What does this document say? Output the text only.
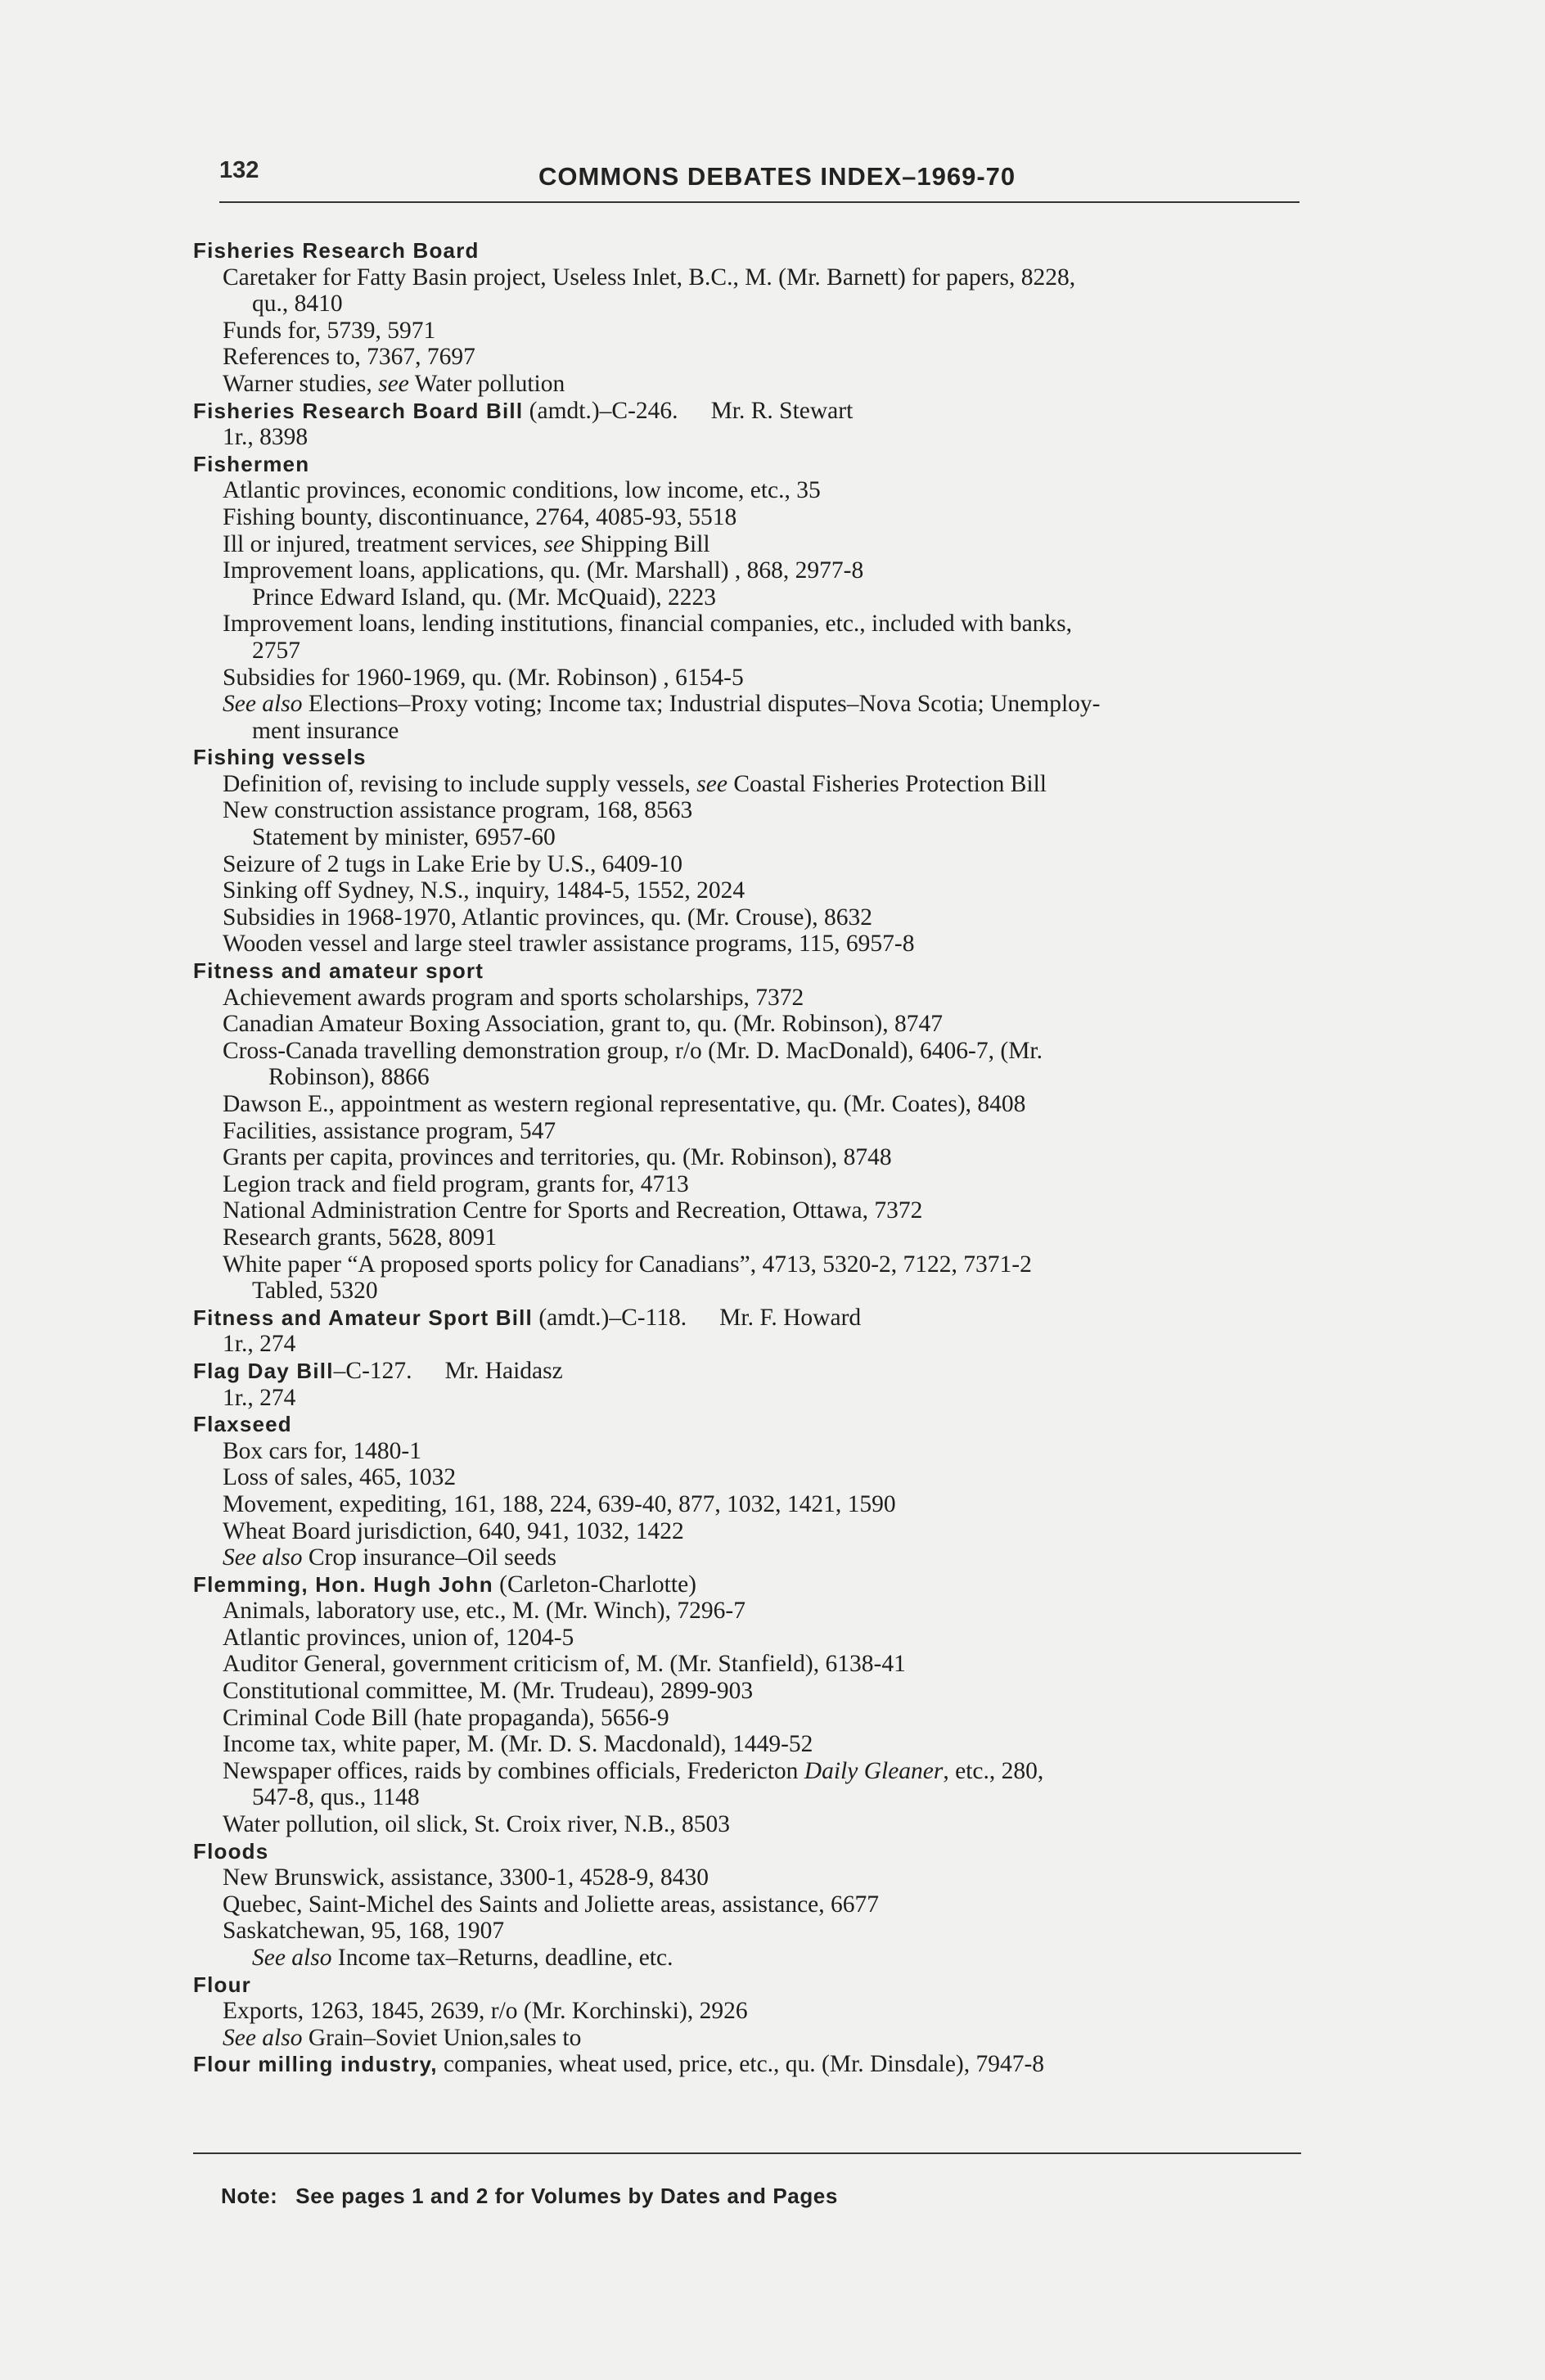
132	COMMONS DEBATES INDEX–1969-70
Fisheries Research Board
Caretaker for Fatty Basin project, Useless Inlet, B.C., M. (Mr. Barnett) for papers, 8228,
qu., 8410
Funds for, 5739, 5971
References to, 7367, 7697
Warner studies, see Water pollution
Fisheries Research Board Bill (amdt.)–C-246. Mr. R. Stewart
1r., 8398
Fishermen
Atlantic provinces, economic conditions, low income, etc., 35
Fishing bounty, discontinuance, 2764, 4085-93, 5518
Ill or injured, treatment services, see Shipping Bill
Improvement loans, applications, qu. (Mr. Marshall) , 868, 2977-8
Prince Edward Island, qu. (Mr. McQuaid), 2223
Improvement loans, lending institutions, financial companies, etc., included with banks,
2757
Subsidies for 1960-1969, qu. (Mr. Robinson) , 6154-5
See also Elections–Proxy voting; Income tax; Industrial disputes–Nova Scotia; Unemploy-
ment insurance
Fishing vessels
Definition of, revising to include supply vessels, see Coastal Fisheries Protection Bill
New construction assistance program, 168, 8563
Statement by minister, 6957-60
Seizure of 2 tugs in Lake Erie by U.S., 6409-10
Sinking off Sydney, N.S., inquiry, 1484-5, 1552, 2024
Subsidies in 1968-1970, Atlantic provinces, qu. (Mr. Crouse), 8632
Wooden vessel and large steel trawler assistance programs, 115, 6957-8
Fitness and amateur sport
Achievement awards program and sports scholarships, 7372
Canadian Amateur Boxing Association, grant to, qu. (Mr. Robinson), 8747
Cross-Canada travelling demonstration group, r/o (Mr. D. MacDonald), 6406-7, (Mr.
Robinson), 8866
Dawson E., appointment as western regional representative, qu. (Mr. Coates), 8408
Facilities, assistance program, 547
Grants per capita, provinces and territories, qu. (Mr. Robinson), 8748
Legion track and field program, grants for, 4713
National Administration Centre for Sports and Recreation, Ottawa, 7372
Research grants, 5628, 8091
White paper “A proposed sports policy for Canadians”, 4713, 5320-2, 7122, 7371-2
Tabled, 5320
Fitness and Amateur Sport Bill (amdt.)–C-118. Mr. F. Howard
1r., 274
Flag Day Bill–C-127. Mr. Haidasz
1r., 274
Flaxseed
Box cars for, 1480-1
Loss of sales, 465, 1032
Movement, expediting, 161, 188, 224, 639-40, 877, 1032, 1421, 1590
Wheat Board jurisdiction, 640, 941, 1032, 1422
See also Crop insurance–Oil seeds
Flemming, Hon. Hugh John (Carleton-Charlotte)
Animals, laboratory use, etc., M. (Mr. Winch), 7296-7
Atlantic provinces, union of, 1204-5
Auditor General, government criticism of, M. (Mr. Stanfield), 6138-41
Constitutional committee, M. (Mr. Trudeau), 2899-903
Criminal Code Bill (hate propaganda), 5656-9
Income tax, white paper, M. (Mr. D. S. Macdonald), 1449-52
Newspaper offices, raids by combines officials, Fredericton Daily Gleaner, etc., 280,
547-8, qus., 1148
Water pollution, oil slick, St. Croix river, N.B., 8503
Floods
New Brunswick, assistance, 3300-1, 4528-9, 8430
Quebec, Saint-Michel des Saints and Joliette areas, assistance, 6677
Saskatchewan, 95, 168, 1907
See also Income tax–Returns, deadline, etc.
Flour
Exports, 1263, 1845, 2639, r/o (Mr. Korchinski), 2926
See also Grain–Soviet Union,sales to
Flour milling industry, companies, wheat used, price, etc., qu. (Mr. Dinsdale), 7947-8
Note: See pages 1 and 2 for Volumes by Dates and Pages
